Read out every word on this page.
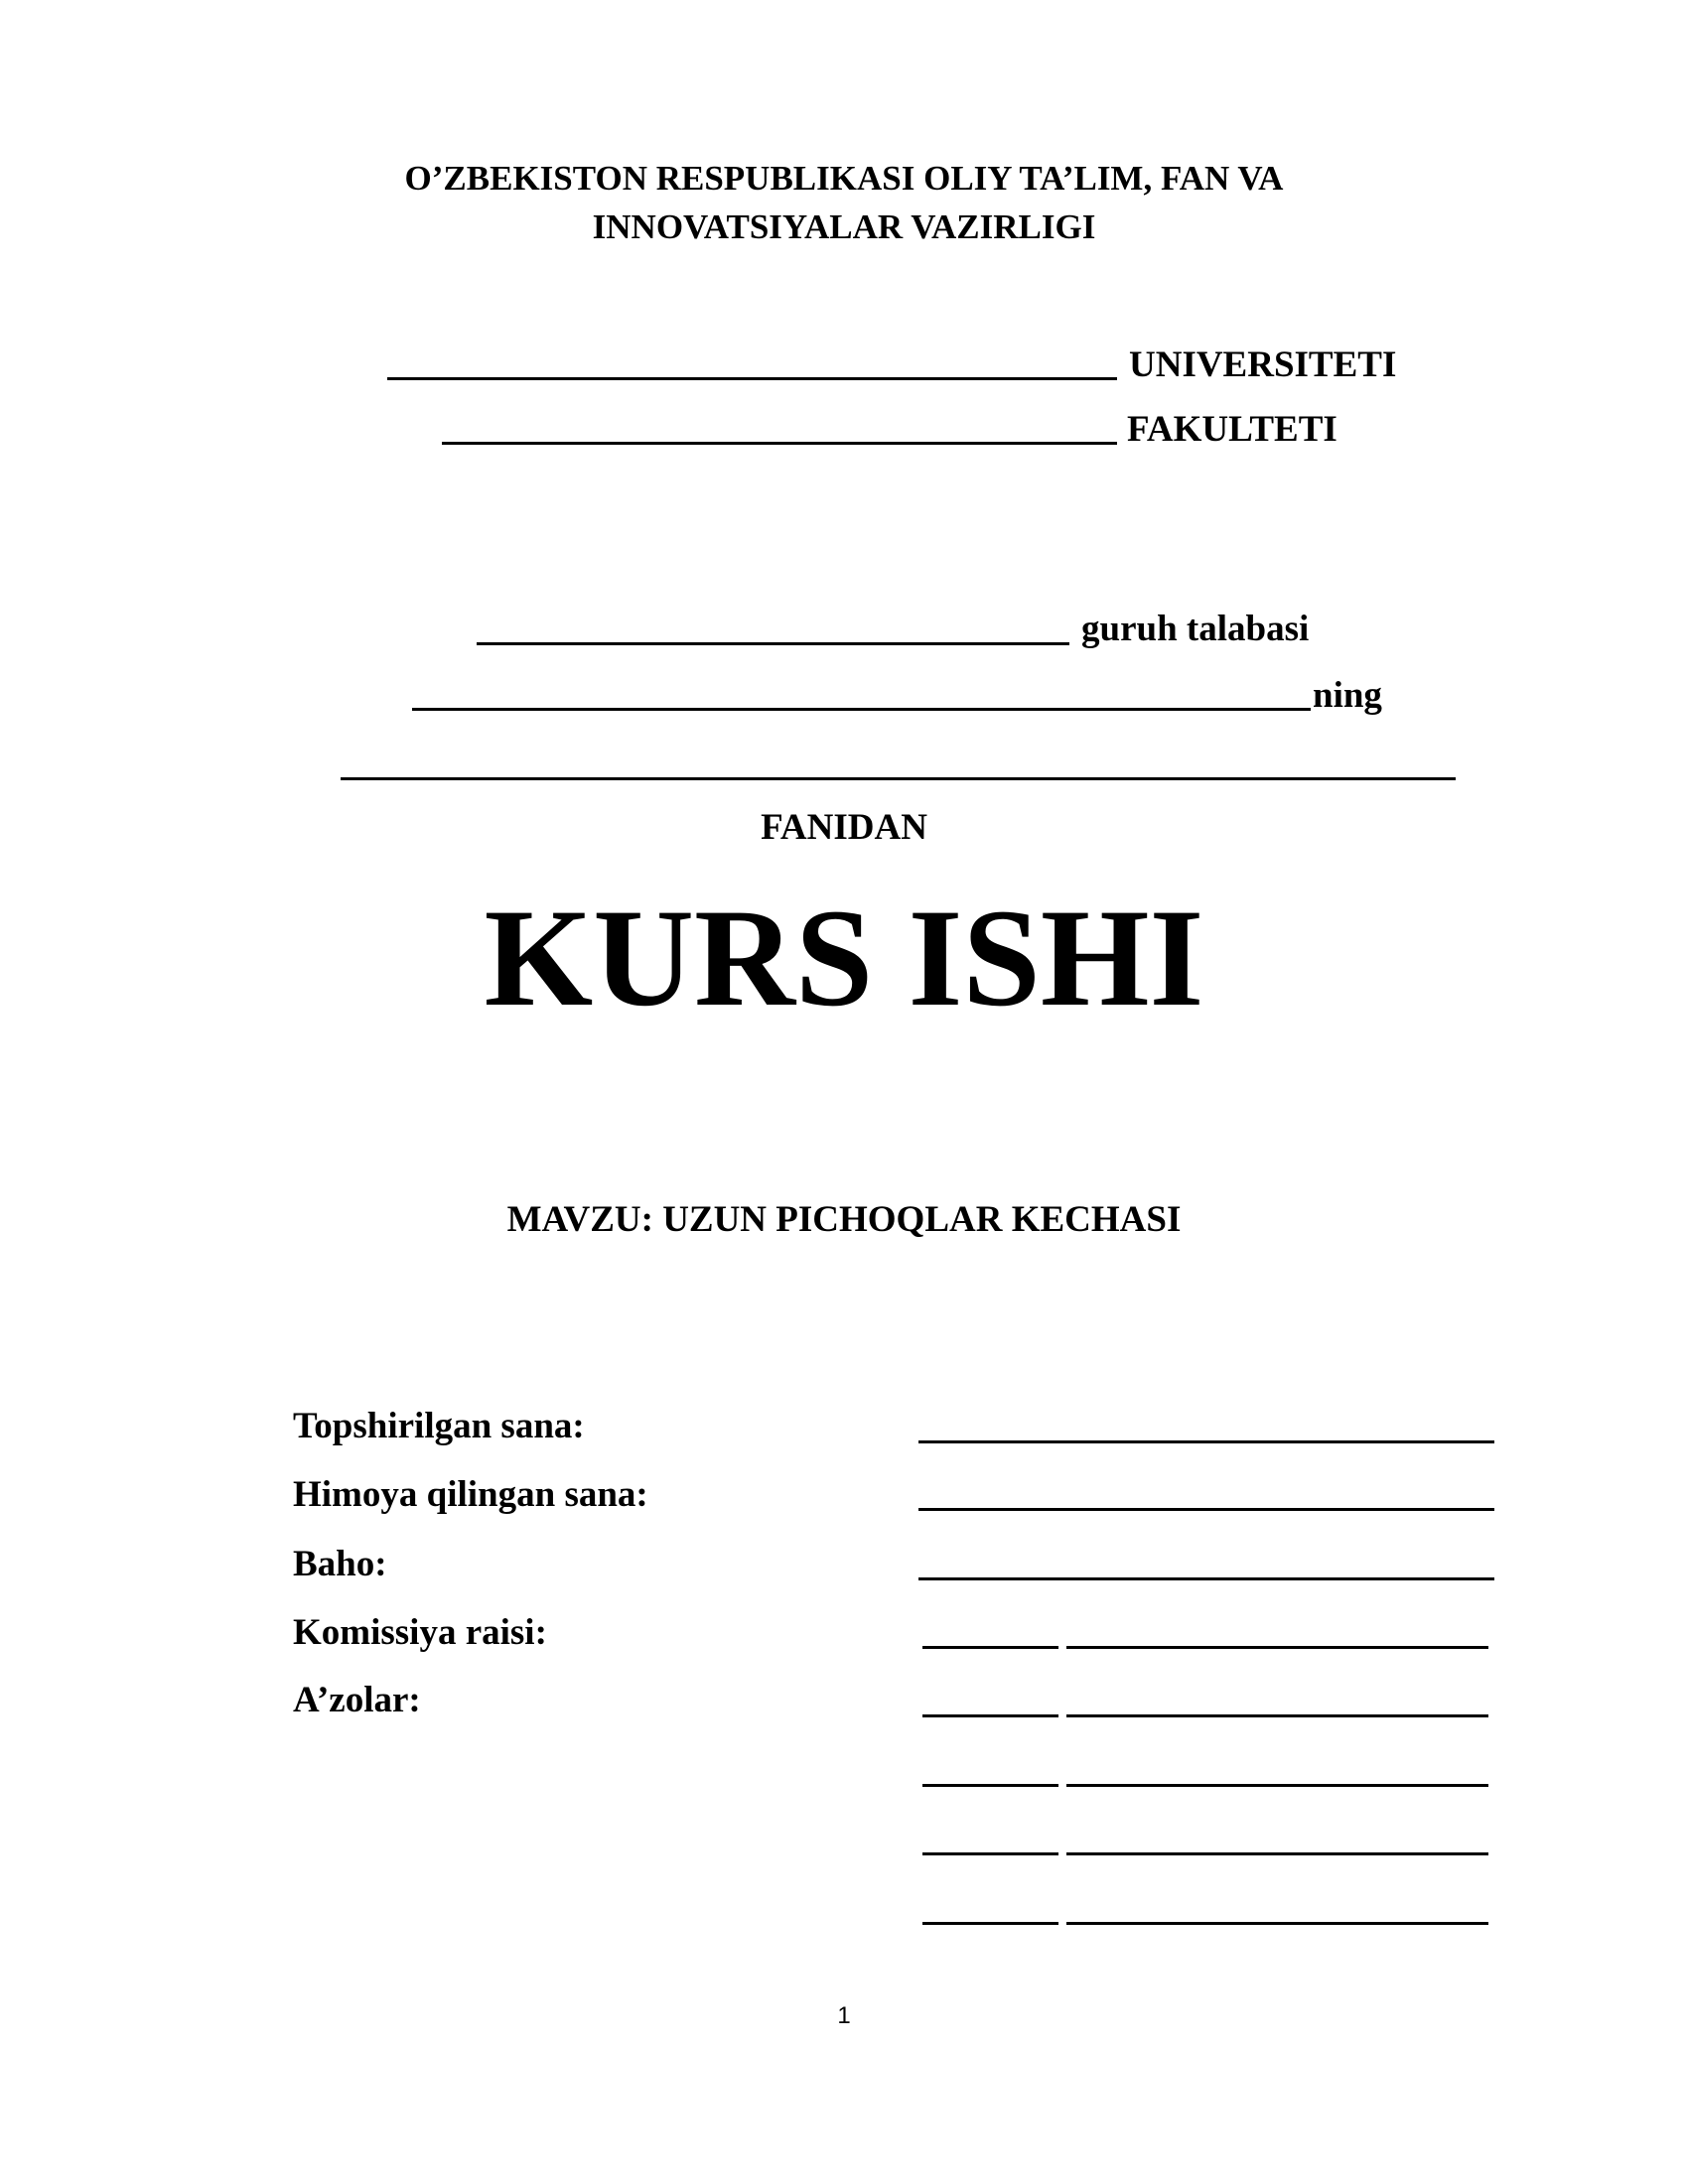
O’ZBEKISTON RESPUBLIKASI OLIY TA’LIM, FAN VA
INNOVATSIYALAR VAZIRLIGI
UNIVERSITETI
FAKULTETI
guruh talabasi
ning
FANIDAN
KURS ISHI
MAVZU: UZUN PICHOQLAR KECHASI
Topshirilgan sana:
Himoya qilingan sana:
Baho:
Komissiya raisi:
A’zolar:
1
